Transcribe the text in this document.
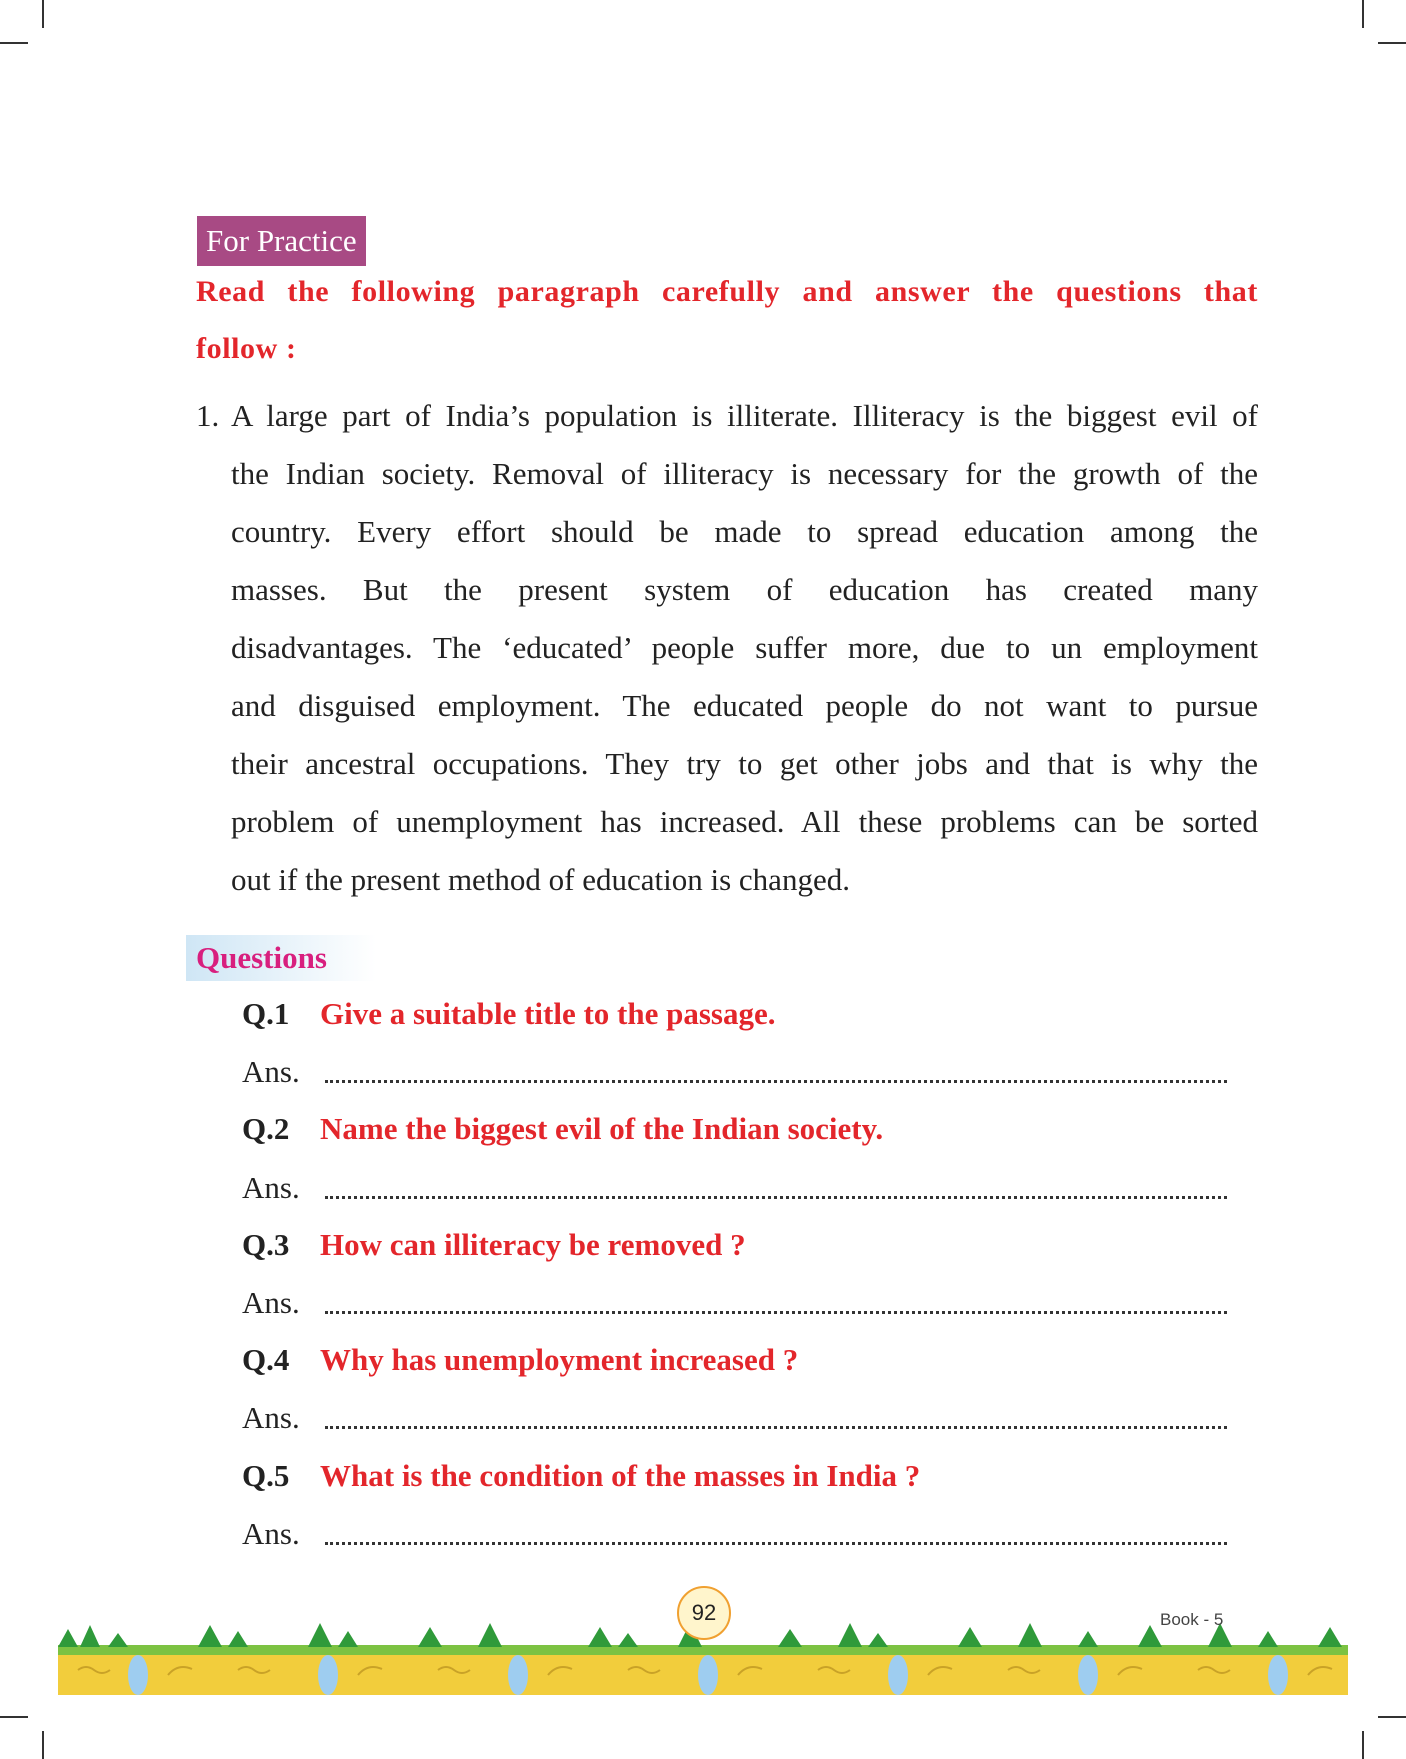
For Practice
Read the following paragraph carefully and answer the questions that
follow :
1. A large part of India’s population is illiterate. Illiteracy is the biggest evil of
the Indian society. Removal of illiteracy is necessary for the growth of the
country. Every effort should be made to spread education among the
masses. But the present system of education has created many
disadvantages. The ‘educated’ people suffer more, due to un employment
and disguised employment. The educated people do not want to pursue
their ancestral occupations. They try to get other jobs and that is why the
problem of unemployment has increased. All these problems can be sorted
out if the present method of education is changed.
Questions
Q.1 Give a suitable title to the passage.
Ans.
Q.2 Name the biggest evil of the Indian society.
Ans.
Q.3 How can illiteracy be removed ?
Ans.
Q.4 Why has unemployment increased ?
Ans.
Q.5 What is the condition of the masses in India ?
Ans.
92	Book - 5
